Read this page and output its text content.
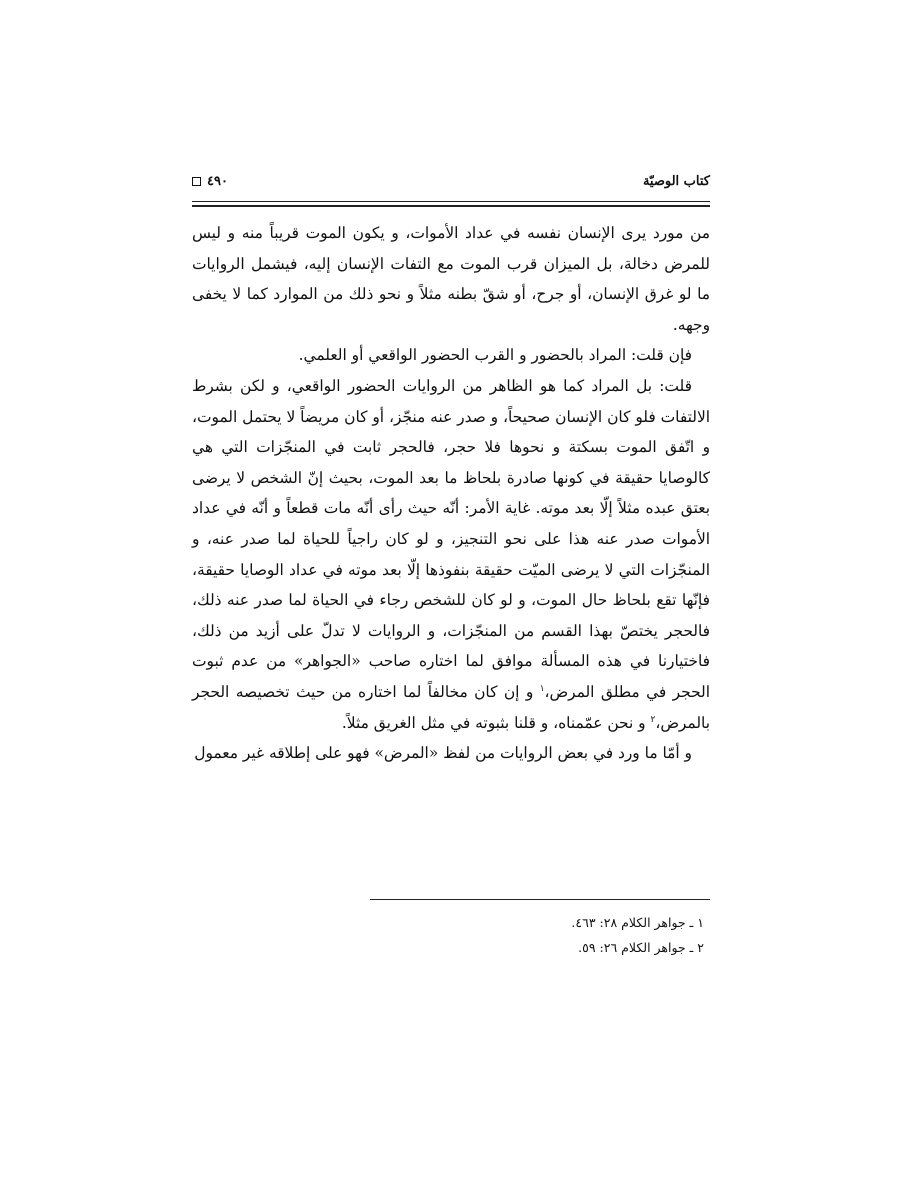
كتاب الوصيّة
٤٩٠

من مورد يرى الإنسان نفسه في عداد الأموات، و يكون الموت قريباً منه و ليس للمرض دخالة، بل الميزان قرب الموت مع التفات الإنسان إليه، فيشمل الروايات ما لو غرق الإنسان، أو جرح، أو شقّ بطنه مثلاً و نحو ذلك من الموارد كما لا يخفى وجهه.

فإن قلت: المراد بالحضور و القرب الحضور الواقعي أو العلمي.

قلت: بل المراد كما هو الظاهر من الروايات الحضور الواقعي، و لكن بشرط الالتفات فلو كان الإنسان صحيحاً، و صدر عنه منجّز، أو كان مريضاً لا يحتمل الموت، و اتّفق الموت بسكتة و نحوها فلا حجر، فالحجر ثابت في المنجّزات التي هي كالوصايا حقيقة في كونها صادرة بلحاظ ما بعد الموت، بحيث إنّ الشخص لا يرضى بعتق عبده مثلاً إلّا بعد موته. غاية الأمر: أنّه حيث رأى أنّه مات قطعاً و أنّه في عداد الأموات صدر عنه هذا على نحو التنجيز، و لو كان راجياً للحياة لما صدر عنه، و المنجّزات التي لا يرضى الميّت حقيقة بنفوذها إلّا بعد موته في عداد الوصايا حقيقة، فإنّها تقع بلحاظ حال الموت، و لو كان للشخص رجاء في الحياة لما صدر عنه ذلك، فالحجر يختصّ بهذا القسم من المنجّزات، و الروايات لا تدلّ على أزيد من ذلك، فاختيارنا في هذه المسألة موافق لما اختاره صاحب «الجواهر» من عدم ثبوت الحجر في مطلق المرض،$^١$ و إن كان مخالفاً لما اختاره من حيث تخصيصه الحجر بالمرض،$^٢$ و نحن عمّمناه، و قلنا بثبوته في مثل الغريق مثلاً.

و أمّا ما ورد في بعض الروايات من لفظ «المرض» فهو على إطلاقه غير معمول

١ ـ جواهر الكلام ٢٨: ٤٦٣.
٢ ـ جواهر الكلام ٢٦: ٥٩.
